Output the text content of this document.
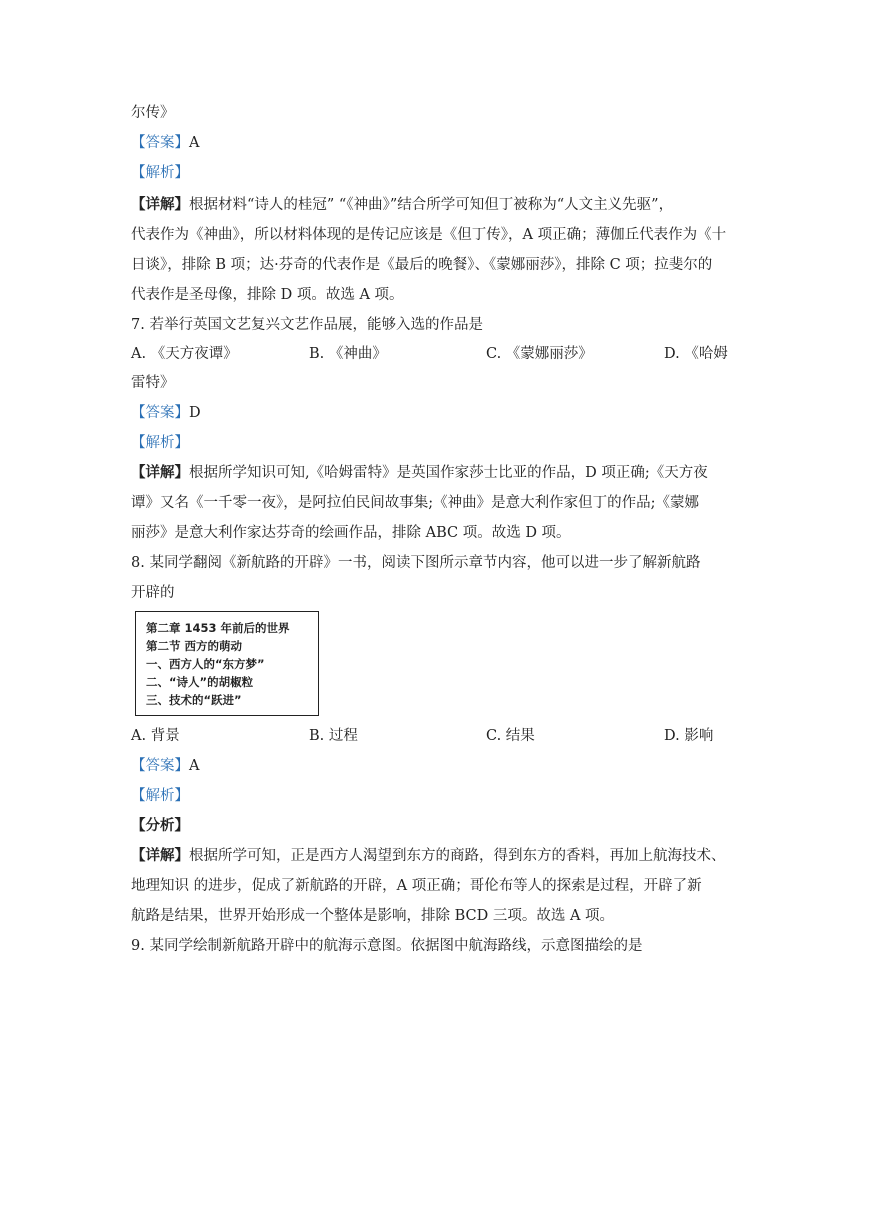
尔传》
【答案】A
【解析】
【详解】根据材料“诗人的桂冠” “《神曲》”结合所学可知但丁被称为“人文主义先驱”，
代表作为《神曲》，所以材料体现的是传记应该是《但丁传》，A 项正确；薄伽丘代表作为《十
日谈》，排除 B 项；达·芬奇的代表作是《最后的晚餐》、《蒙娜丽莎》，排除 C 项；拉斐尔的
代表作是圣母像，排除 D 项。故选 A 项。
7. 若举行英国文艺复兴文艺作品展，能够入选的作品是
A. 《天方夜谭》	B. 《神曲》	C. 《蒙娜丽莎》	D. 《哈姆
雷特》
【答案】D
【解析】
【详解】根据所学知识可知,《哈姆雷特》是英国作家莎士比亚的作品，D 项正确;《天方夜
谭》又名《一千零一夜》，是阿拉伯民间故事集;《神曲》是意大利作家但丁的作品;《蒙娜
丽莎》是意大利作家达芬奇的绘画作品，排除 ABC 项。故选 D 项。
8. 某同学翻阅《新航路的开辟》一书，阅读下图所示章节内容，他可以进一步了解新航路
开辟的
第二章 1453 年前后的世界
第二节 西方的萌动
一、西方人的“东方梦”
二、“诗人”的胡椒粒
三、技术的“跃进”
A. 背景	B. 过程	C. 结果	D. 影响
【答案】A
【解析】
【分析】
【详解】根据所学可知，正是西方人渴望到东方的商路，得到东方的香料，再加上航海技术、
地理知识 的进步，促成了新航路的开辟，A 项正确；哥伦布等人的探索是过程，开辟了新
航路是结果，世界开始形成一个整体是影响，排除 BCD 三项。故选 A 项。
9. 某同学绘制新航路开辟中的航海示意图。依据图中航海路线，示意图描绘的是
